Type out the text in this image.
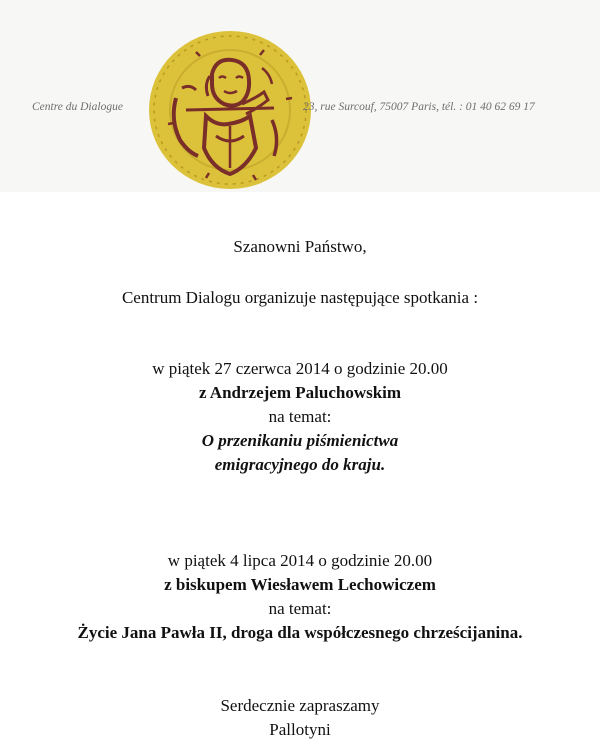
Centre du Dialogue	23, rue Surcouf, 75007 Paris, tél. : 01 40 62 69 17
Szanowni Państwo,
Centrum Dialogu organizuje następujące spotkania :
w piątek 27 czerwca 2014 o godzinie 20.00
z Andrzejem Paluchowskim
na temat:
O przenikaniu piśmienictwa
emigracyjnego do kraju.
w piątek 4 lipca 2014 o godzinie 20.00
z biskupem Wiesławem Lechowiczem
na temat:
Życie Jana Pawła II, droga dla współczesnego chrześcijanina.
Serdecznie zapraszamy
Pallotyni
